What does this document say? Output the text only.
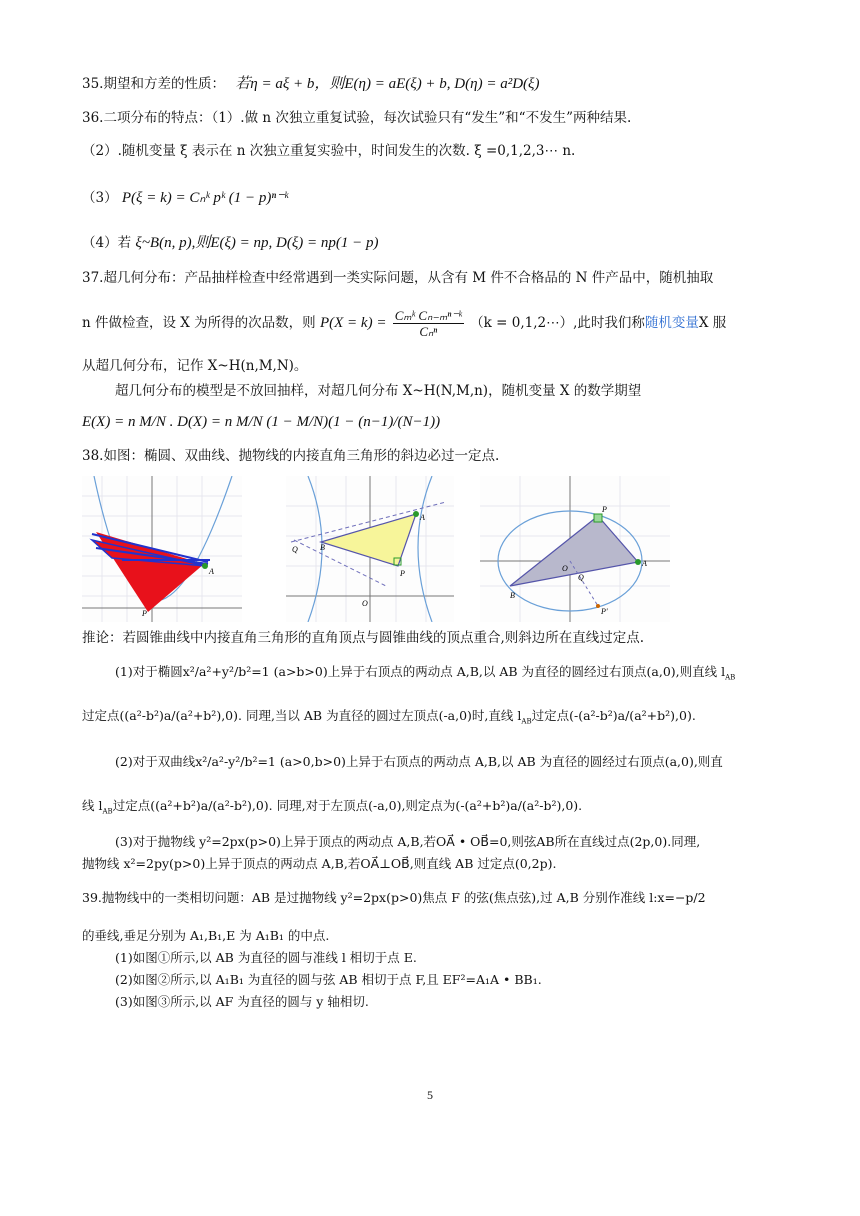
35.期望和方差的性质： 若η = aξ + b，则E(η) = aE(ξ) + b, D(η) = a²D(ξ)
36.二项分布的特点：（1）.做 n 次独立重复试验，每次试验只有“发生”和“不发生”两种结果.
（2）.随机变量 ξ 表示在 n 次独立重复实验中，时间发生的次数. ξ =0,1,2,3⋯ n.
（3） P(ξ = k) = Cₙᵏ pᵏ (1 − p)ⁿ⁻ᵏ
（4）若 ξ~B(n, p),则E(ξ) = np, D(ξ) = np(1 − p)
37.超几何分布：产品抽样检查中经常遇到一类实际问题，从含有 M 件不合格品的 N 件产品中，随机抽取
n 件做检查，设 X 为所得的次品数，则 $P(X = k) = \frac{\text{Cₘᵏ Cₙ₋ₘⁿ⁻ᵏ}}{\text{Cₙⁿ}} (k$ = 0,1,2⋯）,此时我们称随机变量X 服
从超几何分布，记作 X~H(n,M,N)。
超几何分布的模型是不放回抽样，对超几何分布 X~H(N,M,n)，随机变量 X 的数学期望
E(X) = n M/N . D(X) = n M/N (1 − M/N)(1 − (n−1)/(N−1))
38.如图：椭圆、双曲线、抛物线的内接直角三角形的斜边必过一定点.
A
P
A
B
P
Q
O
P
A
B
O
Q
P'
推论：若圆锥曲线中内接直角三角形的直角顶点与圆锥曲线的顶点重合,则斜边所在直线过定点.
(1)对于椭圆x²/a²+y²/b²=1 (a>b>0)上异于右顶点的两动点 A,B,以 AB 为直径的圆经过右顶点(a,0),则直线 $l_{AB}$
过定点((a²-b²)a/(a²+b²),0). 同理,当以 AB 为直径的圆过左顶点(-a,0)时,直线 $l_{AB}$过定点(-(a²-b²)a/(a²+b²),0).
(2)对于双曲线x²/a²-y²/b²=1 (a>0,b>0)上异于右顶点的两动点 A,B,以 AB 为直径的圆经过右顶点(a,0),则直
线 $l_{AB}$过定点((a²+b²)a/(a²-b²),0). 同理,对于左顶点(-a,0),则定点为(-(a²+b²)a/(a²-b²),0).
(3)对于抛物线 y²=2px(p>0)上异于顶点的两动点 A,B,若OA⃗ • OB⃗=0,则弦AB所在直线过点(2p,0).同理,
抛物线 x²=2py(p>0)上异于顶点的两动点 A,B,若OA⃗⊥OB⃗,则直线 AB 过定点(0,2p).
39.抛物线中的一类相切问题：AB 是过抛物线 y²=2px(p>0)焦点 F 的弦(焦点弦),过 A,B 分别作准线 l:x=−p/2
的垂线,垂足分别为 A₁,B₁,E 为 A₁B₁ 的中点.
(1)如图①所示,以 AB 为直径的圆与准线 l 相切于点 E.
(2)如图②所示,以 A₁B₁ 为直径的圆与弦 AB 相切于点 F,且 EF²=A₁A • BB₁.
(3)如图③所示,以 AF 为直径的圆与 y 轴相切.
5
